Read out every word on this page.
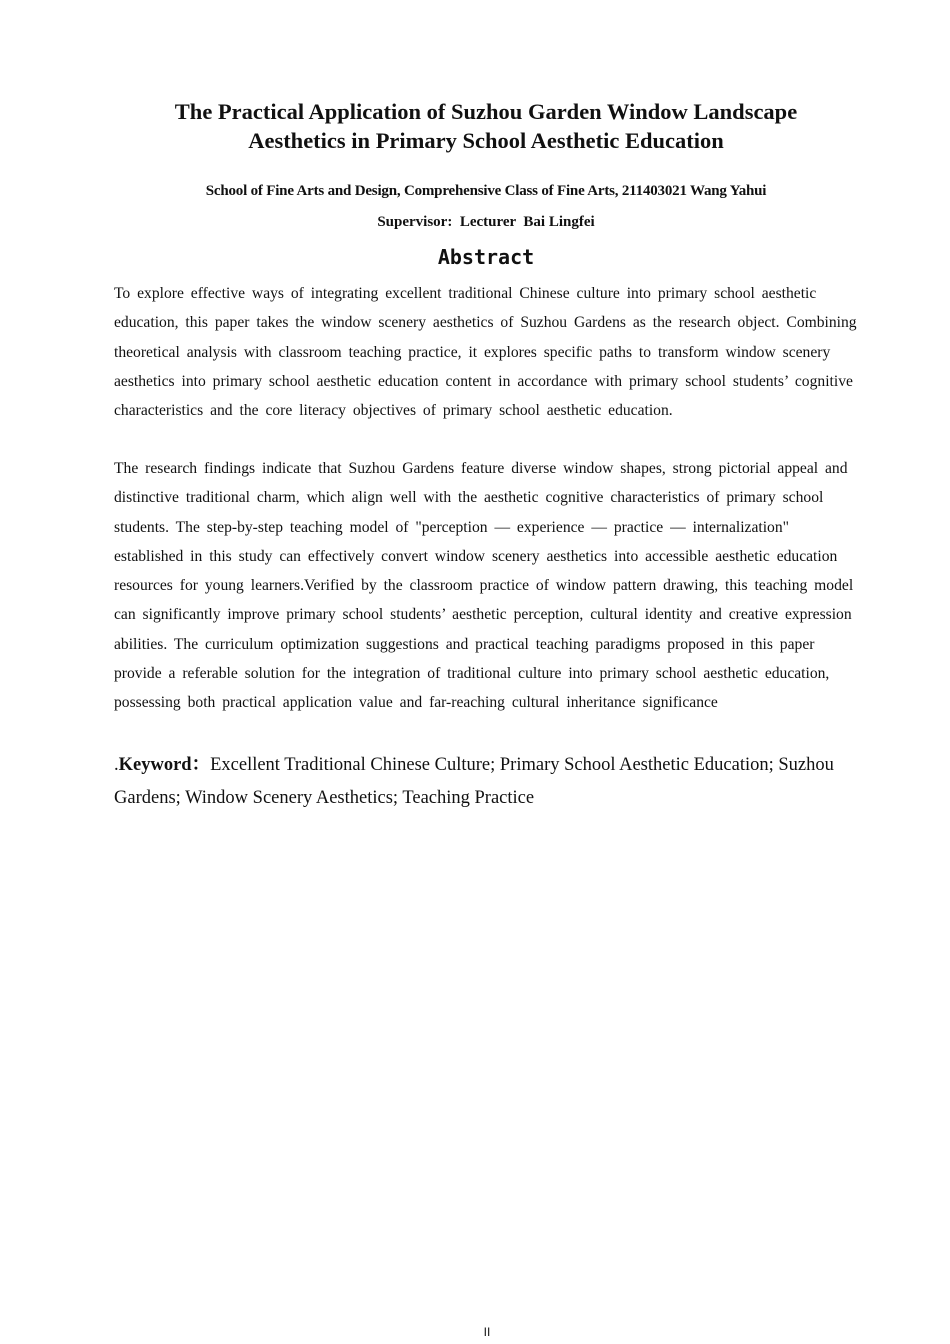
The Practical Application of Suzhou Garden Window Landscape
Aesthetics in Primary School Aesthetic Education
School of Fine Arts and Design, Comprehensive Class of Fine Arts, 211403021 Wang Yahui
Supervisor:  Lecturer  Bai Lingfei
Abstract

To explore effective ways of integrating excellent traditional Chinese culture into primary school aesthetic education, this paper takes the window scenery aesthetics of Suzhou Gardens as the research object. Combining theoretical analysis with classroom teaching practice, it explores specific paths to transform window scenery aesthetics into primary school aesthetic education content in accordance with primary school students’ cognitive characteristics and the core literacy objectives of primary school aesthetic education.

The research findings indicate that Suzhou Gardens feature diverse window shapes, strong pictorial appeal and distinctive traditional charm, which align well with the aesthetic cognitive characteristics of primary school students. The step-by-step teaching model of "perception — experience — practice — internalization" established in this study can effectively convert window scenery aesthetics into accessible aesthetic education resources for young learners.Verified by the classroom practice of window pattern drawing, this teaching model can significantly improve primary school students’ aesthetic perception, cultural identity and creative expression abilities. The curriculum optimization suggestions and practical teaching paradigms proposed in this paper provide a referable solution for the integration of traditional culture into primary school aesthetic education, possessing both practical application value and far-reaching cultural inheritance significance

.Keyword：Excellent Traditional Chinese Culture; Primary School Aesthetic Education; Suzhou Gardens; Window Scenery Aesthetics; Teaching Practice

II
